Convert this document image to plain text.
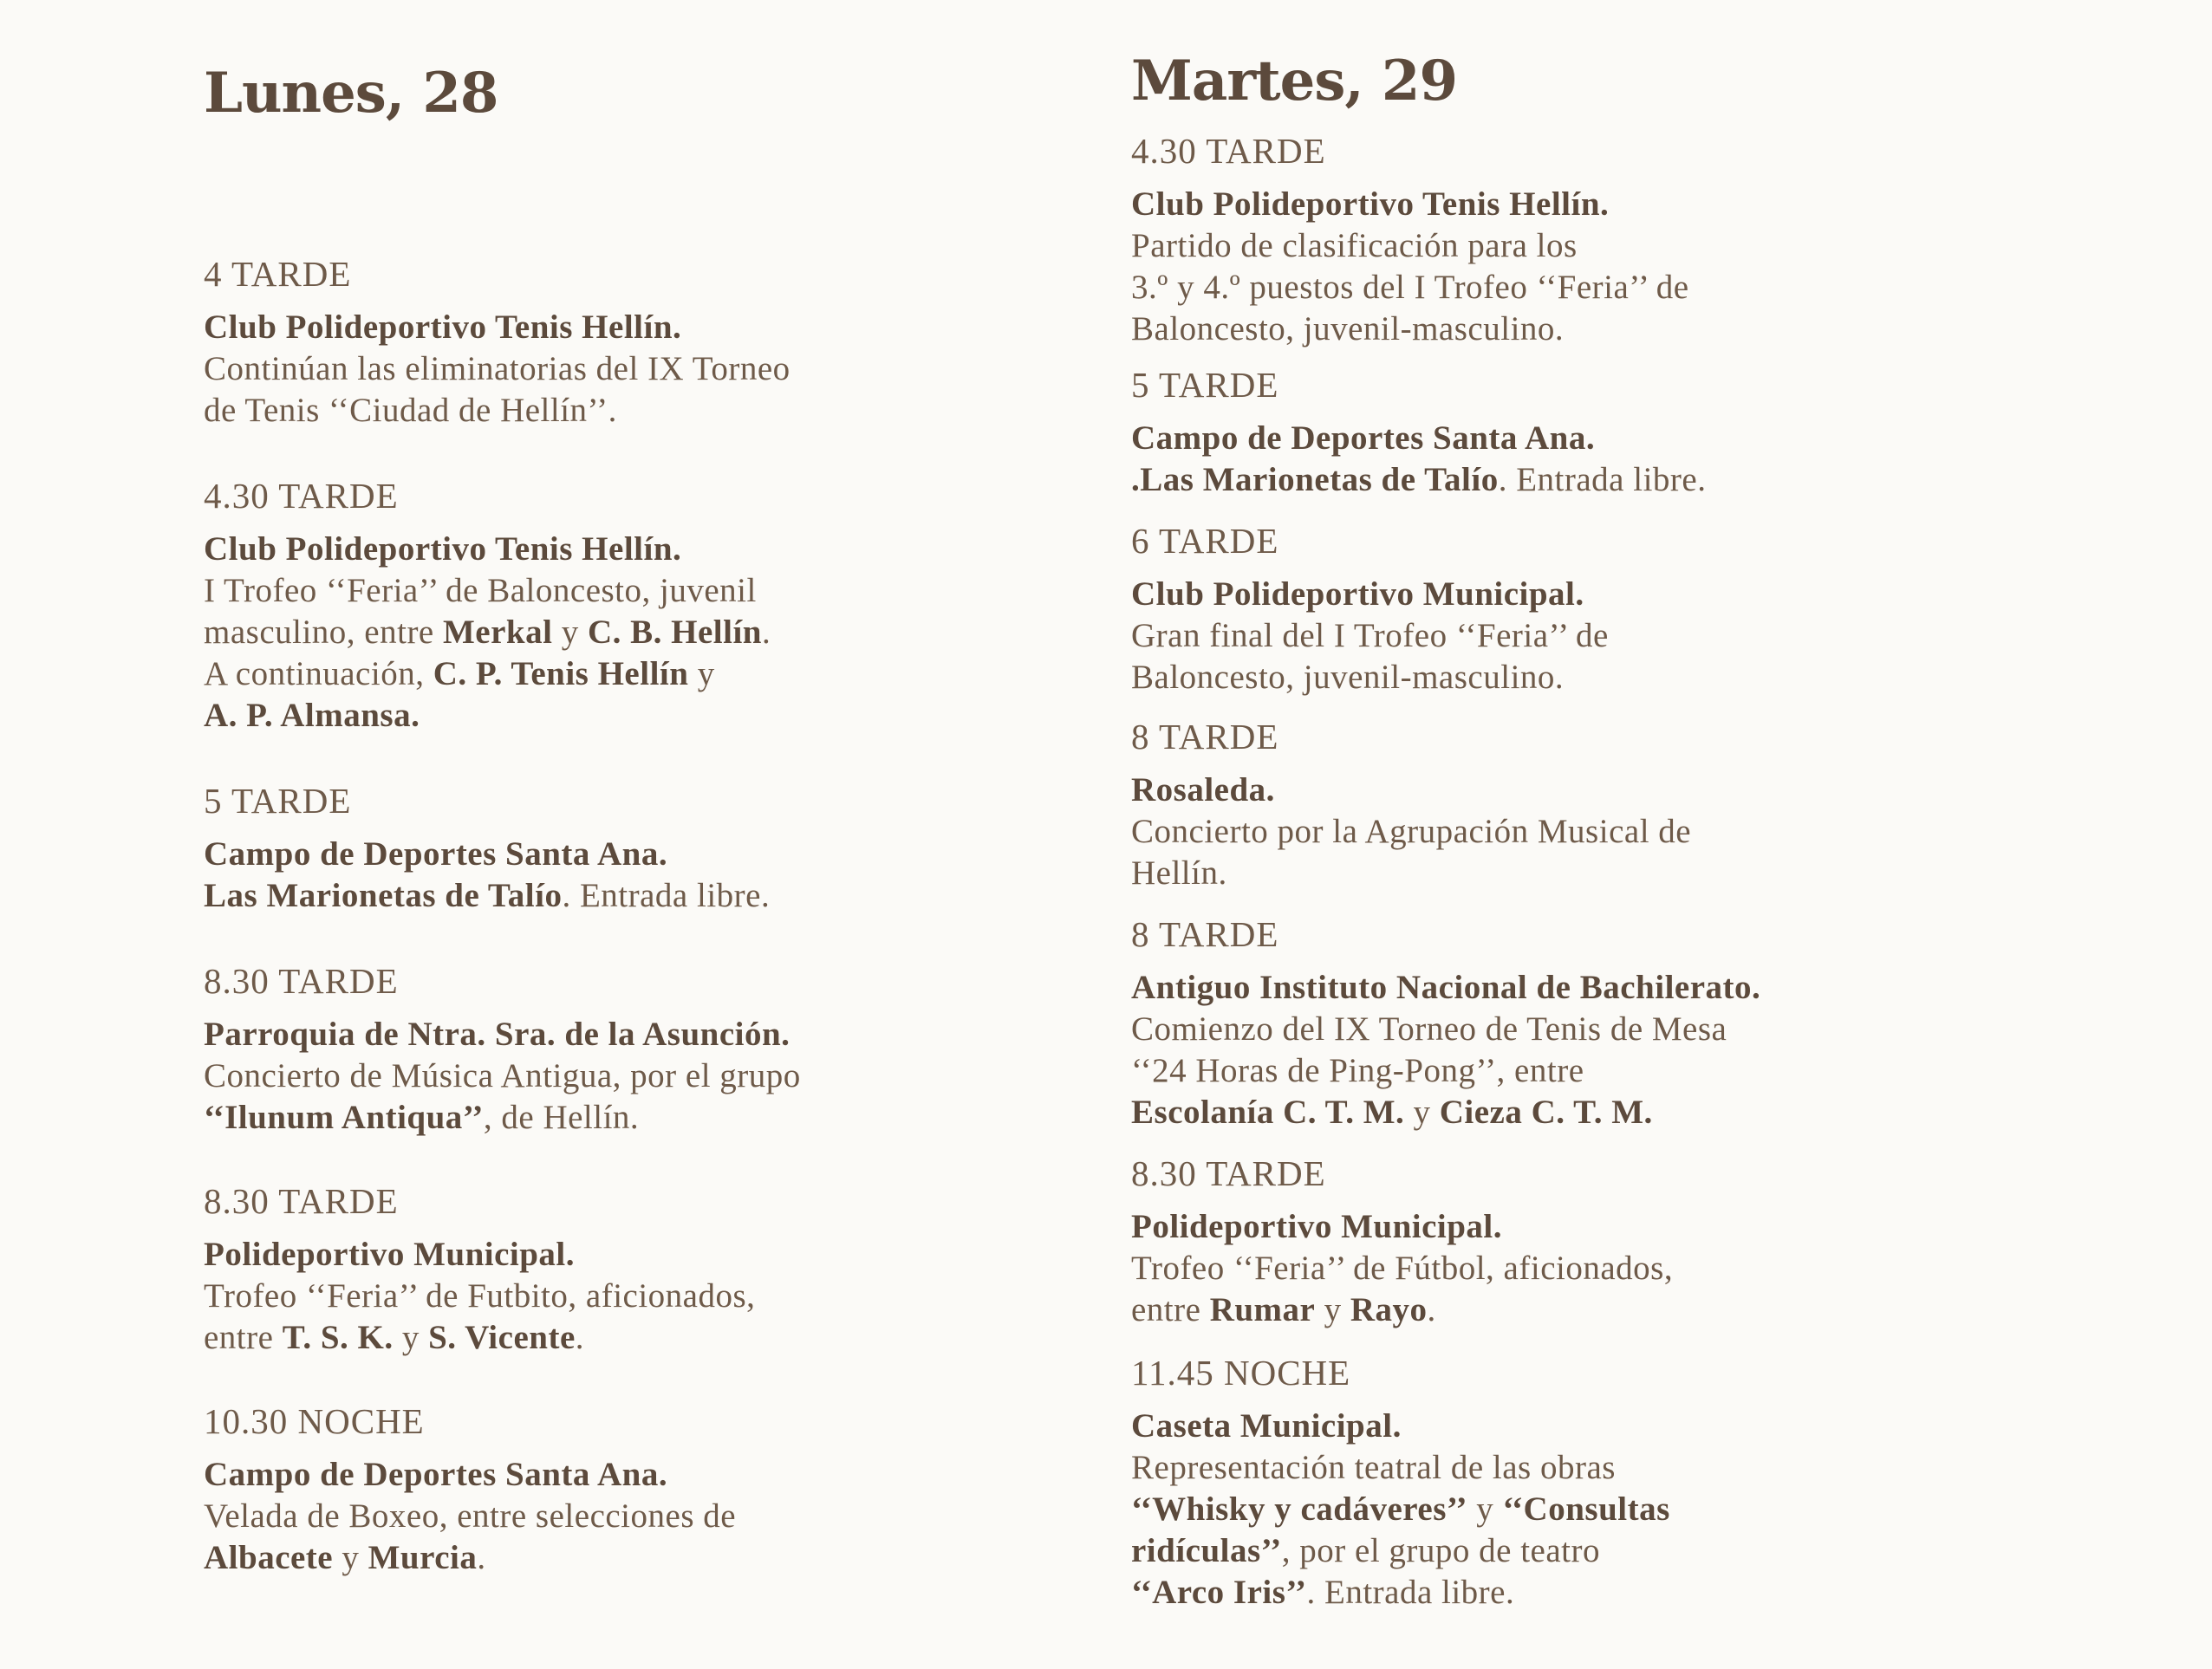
Lunes, 28
4 TARDE
Club Polideportivo Tenis Hellín.
Continúan las eliminatorias del IX Torneo
de Tenis ‘‘Ciudad de Hellín’’.
4.30 TARDE
Club Polideportivo Tenis Hellín.
I Trofeo ‘‘Feria’’ de Baloncesto, juvenil
masculino, entre Merkal y C. B. Hellín.
A continuación, C. P. Tenis Hellín y
A. P. Almansa.
5 TARDE
Campo de Deportes Santa Ana.
Las Marionetas de Talío. Entrada libre.
8.30 TARDE
Parroquia de Ntra. Sra. de la Asunción.
Concierto de Música Antigua, por el grupo
‘‘Ilunum Antiqua’’, de Hellín.
8.30 TARDE
Polideportivo Municipal.
Trofeo ‘‘Feria’’ de Futbito, aficionados,
entre T. S. K. y S. Vicente.
10.30 NOCHE
Campo de Deportes Santa Ana.
Velada de Boxeo, entre selecciones de
Albacete y Murcia.
Martes, 29
4.30 TARDE
Club Polideportivo Tenis Hellín.
Partido de clasificación para los
3.º y 4.º puestos del I Trofeo ‘‘Feria’’ de
Baloncesto, juvenil-masculino.
5 TARDE
Campo de Deportes Santa Ana.
.Las Marionetas de Talío. Entrada libre.
6 TARDE
Club Polideportivo Municipal.
Gran final del I Trofeo ‘‘Feria’’ de
Baloncesto, juvenil-masculino.
8 TARDE
Rosaleda.
Concierto por la Agrupación Musical de
Hellín.
8 TARDE
Antiguo Instituto Nacional de Bachilerato.
Comienzo del IX Torneo de Tenis de Mesa
‘‘24 Horas de Ping-Pong’’, entre
Escolanía C. T. M. y Cieza C. T. M.
8.30 TARDE
Polideportivo Municipal.
Trofeo ‘‘Feria’’ de Fútbol, aficionados,
entre Rumar y Rayo.
11.45 NOCHE
Caseta Municipal.
Representación teatral de las obras
‘‘Whisky y cadáveres’’ y ‘‘Consultas
ridículas’’, por el grupo de teatro
‘‘Arco Iris’’. Entrada libre.
